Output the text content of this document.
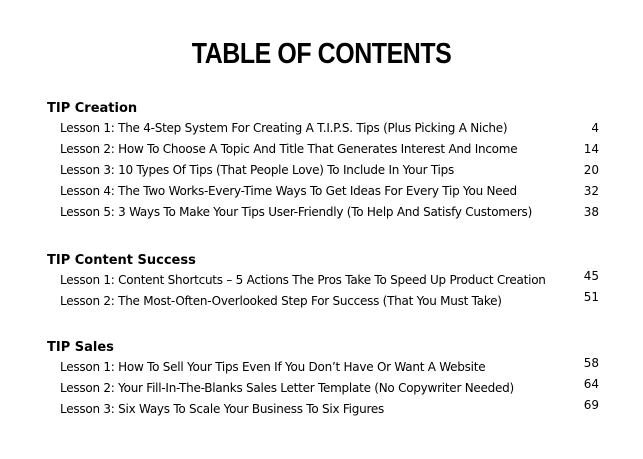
TABLE OF CONTENTS
TIP Creation
Lesson 1: The 4-Step System For Creating A T.I.P.S. Tips (Plus Picking A Niche)	4
Lesson 2: How To Choose A Topic And Title That Generates Interest And Income	14
Lesson 3: 10 Types Of Tips (That People Love) To Include In Your Tips	20
Lesson 4: The Two Works-Every-Time Ways To Get Ideas For Every Tip You Need	32
Lesson 5: 3 Ways To Make Your Tips User-Friendly (To Help And Satisfy Customers)	38
TIP Content Success
Lesson 1: Content Shortcuts – 5 Actions The Pros Take To Speed Up Product Creation	45
Lesson 2: The Most-Often-Overlooked Step For Success (That You Must Take)	51
TIP Sales
Lesson 1: How To Sell Your Tips Even If You Don’t Have Or Want A Website	58
Lesson 2: Your Fill-In-The-Blanks Sales Letter Template (No Copywriter Needed)	64
Lesson 3: Six Ways To Scale Your Business To Six Figures	69
